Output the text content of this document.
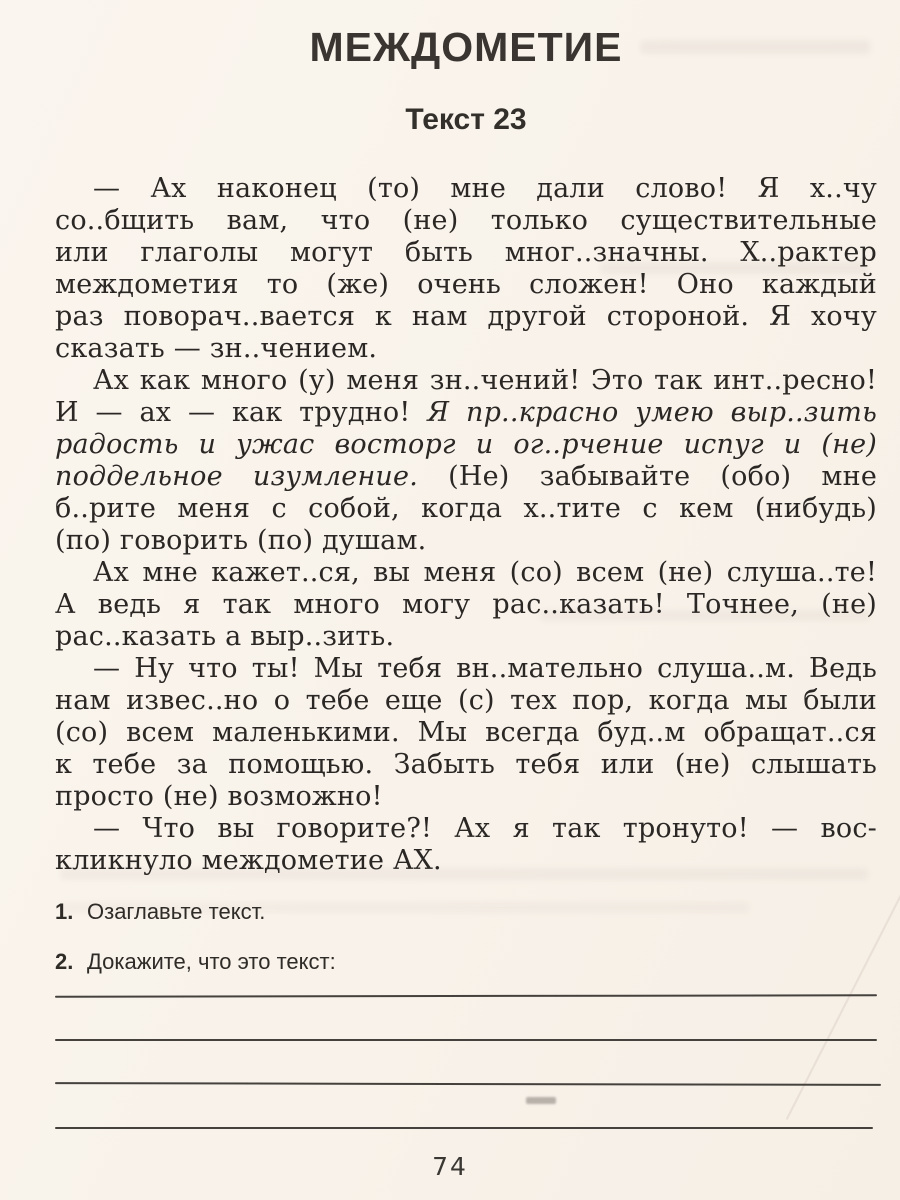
МЕЖДОМЕТИЕ
Текст 23
— Ах наконец (то) мне дали слово! Я х..чу
со..бщить вам, что (не) только существительные
или глаголы могут быть мног..значны. Х..рактер
междометия то (же) очень сложен! Оно каждый
раз поворач..вается к нам другой стороной. Я хочу
сказать — зн..чением.
Ах как много (у) меня зн..чений! Это так инт..ресно!
И — ах — как трудно! Я пр..красно умею выр..зить
радость и ужас восторг и ог..рчение испуг и (не)
поддельное изумление. (Не) забывайте (обо) мне
б..рите меня с собой, когда х..тите с кем (нибудь)
(по) говорить (по) душам.
Ах мне кажет..ся, вы меня (со) всем (не) слуша..те!
А ведь я так много могу рас..казать! Точнее, (не)
рас..казать а выр..зить.
— Ну что ты! Мы тебя вн..мательно слуша..м. Ведь
нам извес..но о тебе еще (с) тех пор, когда мы были
(со) всем маленькими. Мы всегда буд..м обращат..ся
к тебе за помощью. Забыть тебя или (не) слышать
просто (не) возможно!
— Что вы говорите?! Ах я так тронуто! — вос-
кликнуло междометие АХ.
1. Озаглавьте текст.
2. Докажите, что это текст:
74
